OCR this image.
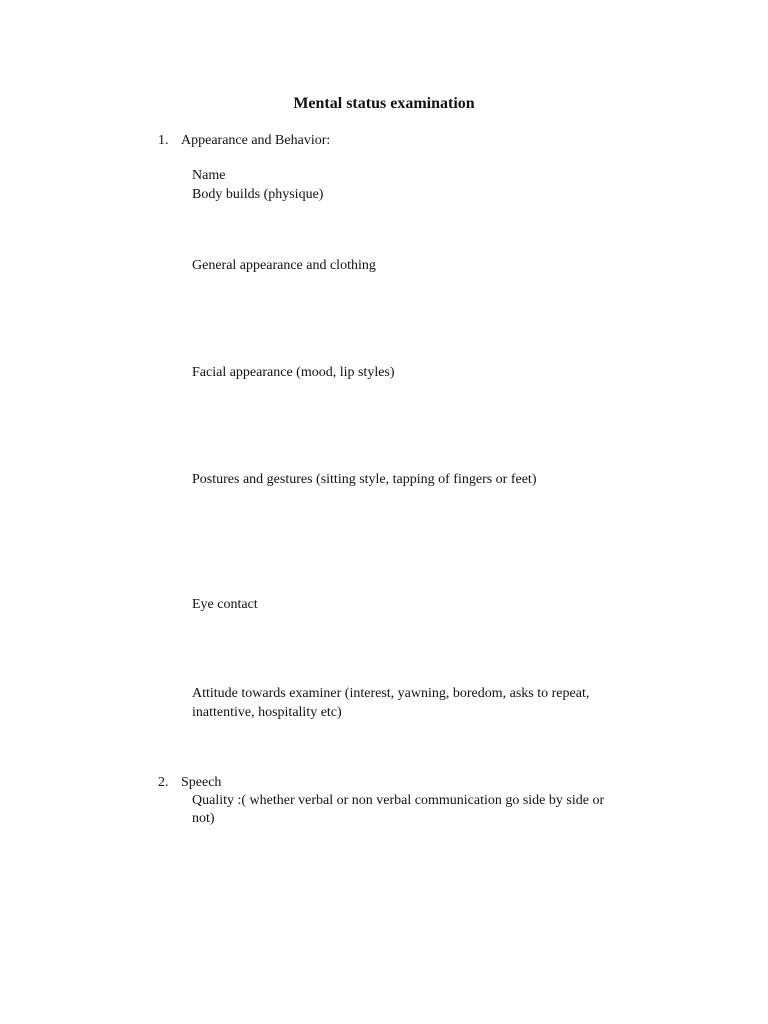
Mental status examination
1. Appearance and Behavior:
Name
Body builds (physique)
General appearance and clothing
Facial appearance (mood, lip styles)
Postures and gestures (sitting style, tapping of fingers or feet)
Eye contact
Attitude towards examiner (interest, yawning, boredom, asks to repeat,
inattentive, hospitality etc)
2. Speech
Quality :( whether verbal or non verbal communication go side by side or
not)
